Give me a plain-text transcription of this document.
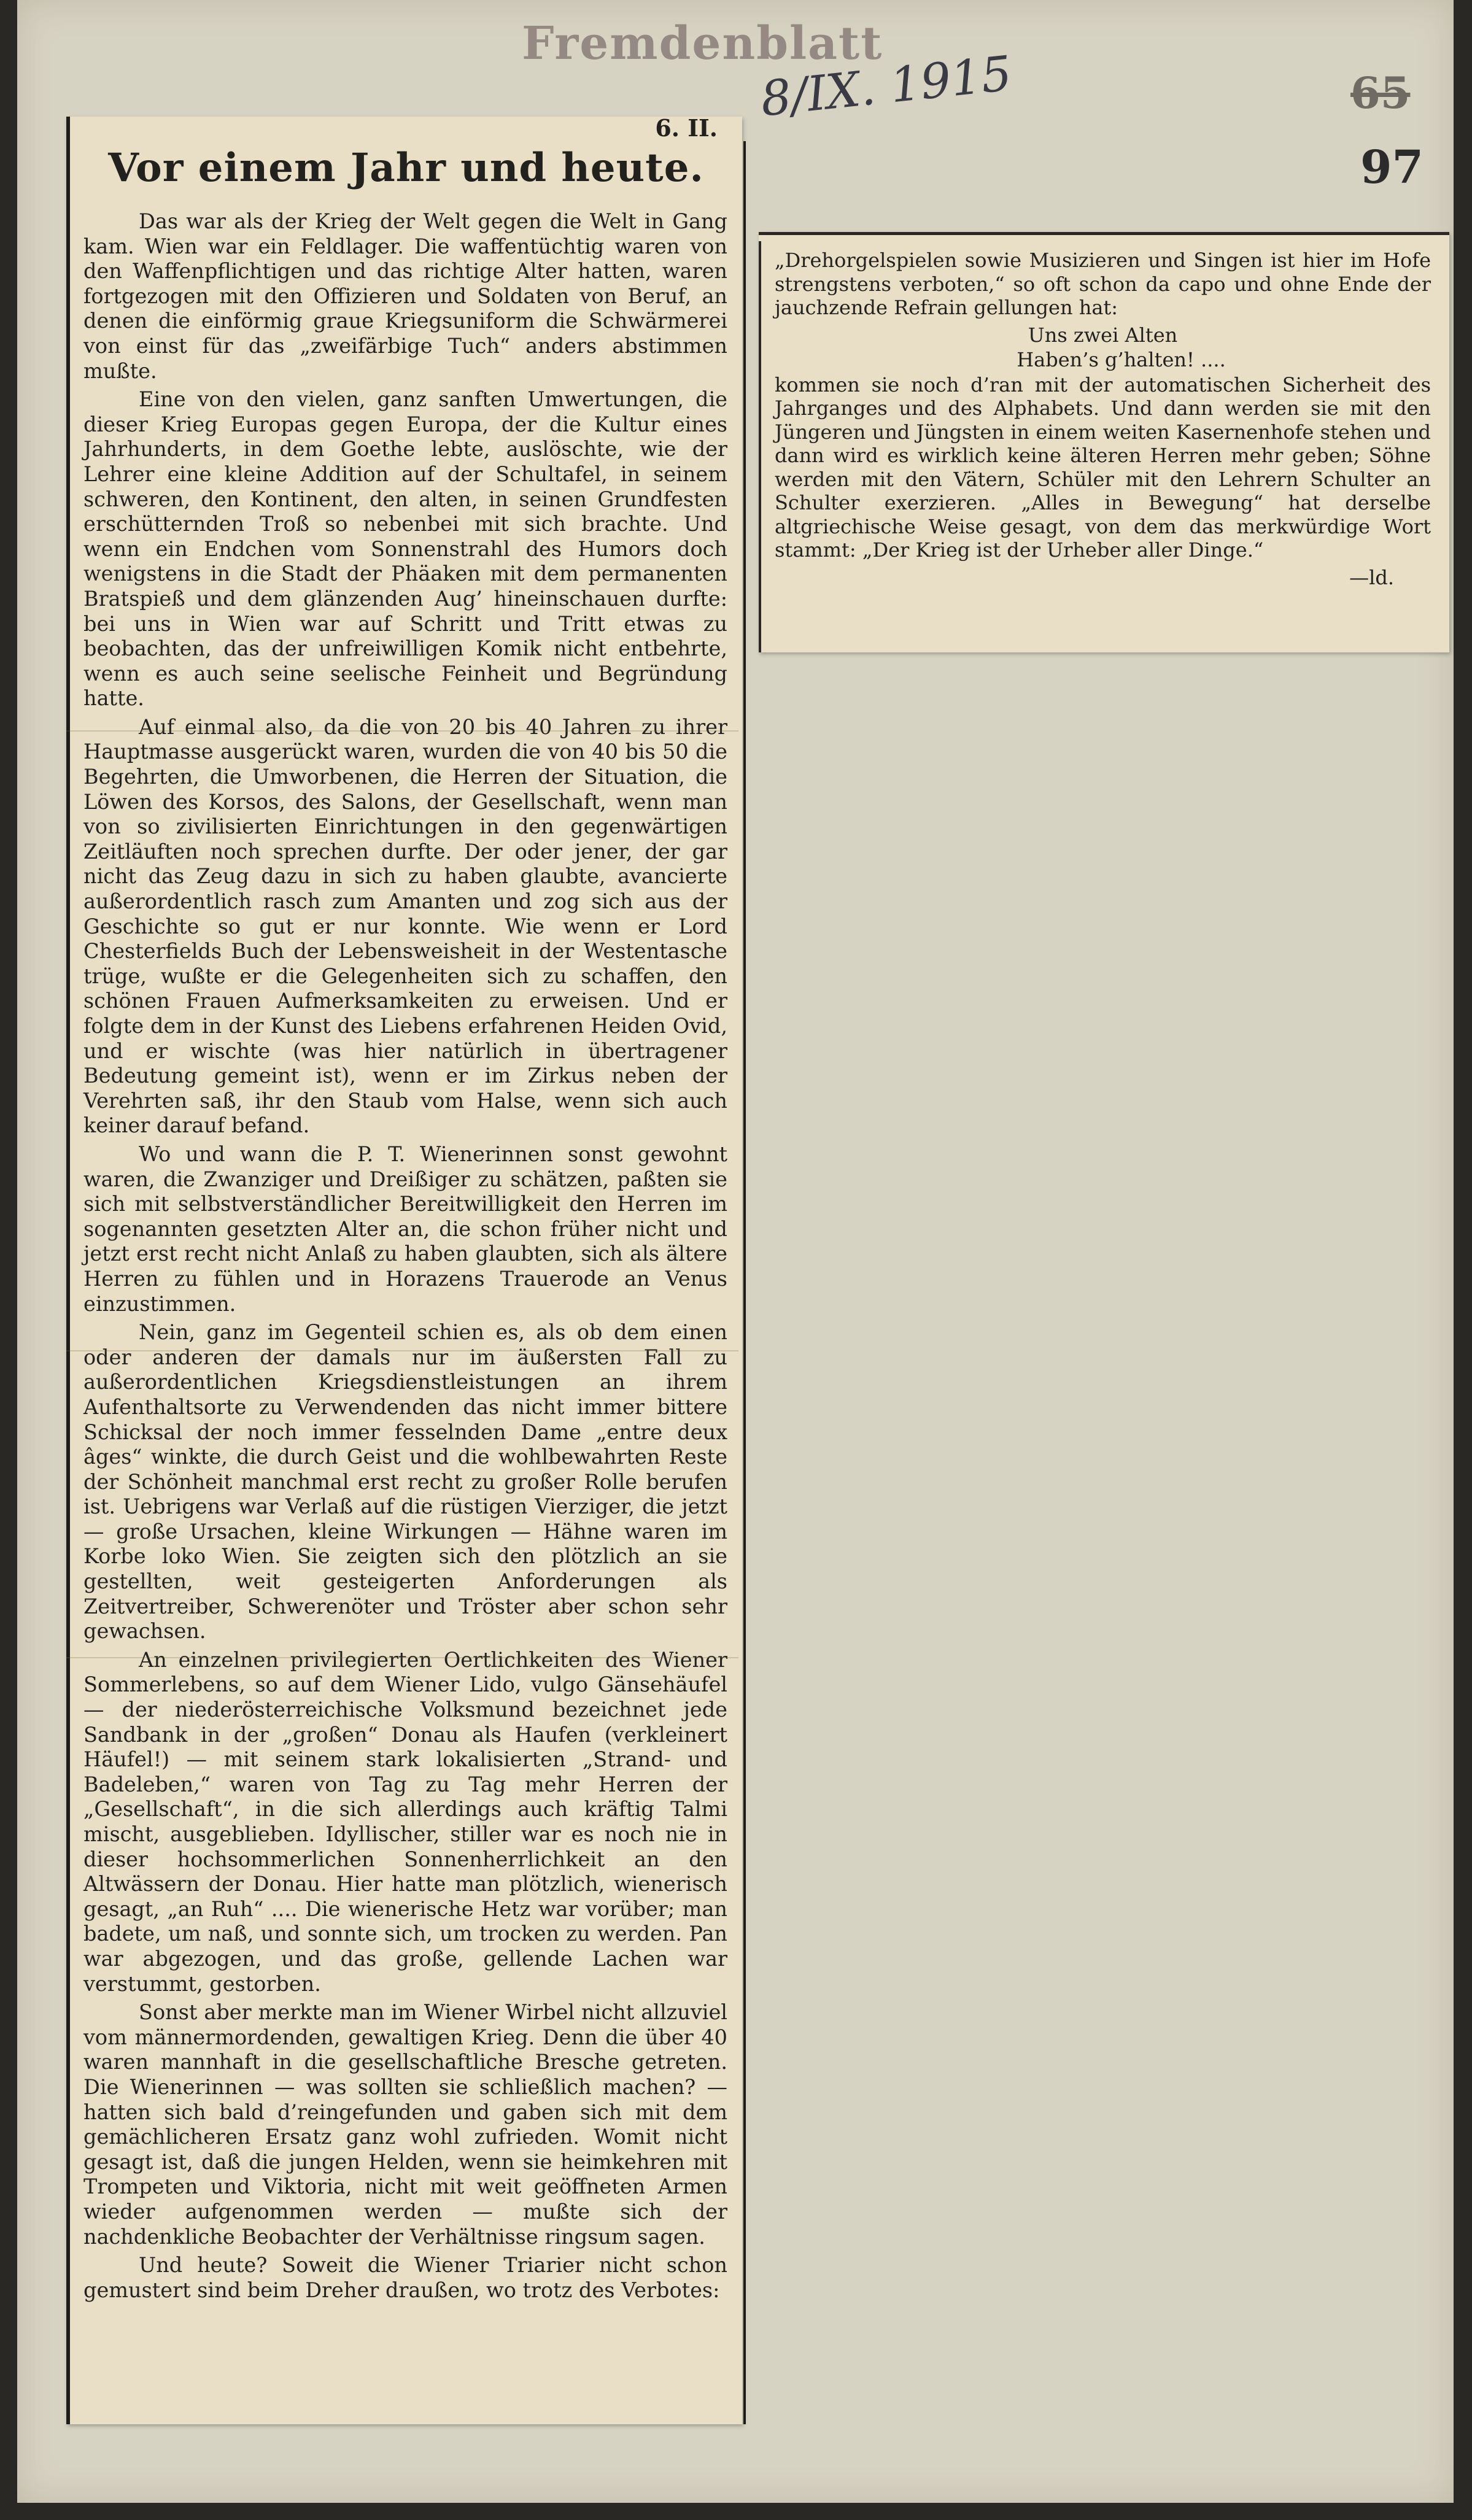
Fremdenblatt
8/IX. 1915	65
97
6. II.
Vor einem Jahr und heute.

Das war als der Krieg der Welt gegen die Welt in Gang kam. Wien war ein Feldlager. Die waffentüchtig waren von den Waffenpflichtigen und das richtige Alter hatten, waren fortgezogen mit den Offizieren und Soldaten von Beruf, an denen die einförmig graue Kriegsuniform die Schwärmerei von einst für das „zweifärbige Tuch“ anders abstimmen mußte.

Eine von den vielen, ganz sanften Umwertungen, die dieser Krieg Europas gegen Europa, der die Kultur eines Jahrhunderts, in dem Goethe lebte, auslöschte, wie der Lehrer eine kleine Addition auf der Schultafel, in seinem schweren, den Kontinent, den alten, in seinen Grundfesten erschütternden Troß so nebenbei mit sich brachte. Und wenn ein Endchen vom Sonnenstrahl des Humors doch wenigstens in die Stadt der Phäaken mit dem permanenten Bratspieß und dem glänzenden Aug’ hineinschauen durfte: bei uns in Wien war auf Schritt und Tritt etwas zu beobachten, das der unfreiwilligen Komik nicht entbehrte, wenn es auch seine seelische Feinheit und Begründung hatte.

Auf einmal also, da die von 20 bis 40 Jahren zu ihrer Hauptmasse ausgerückt waren, wurden die von 40 bis 50 die Begehrten, die Umworbenen, die Herren der Situation, die Löwen des Korsos, des Salons, der Gesellschaft, wenn man von so zivilisierten Einrichtungen in den gegenwärtigen Zeitläuften noch sprechen durfte. Der oder jener, der gar nicht das Zeug dazu in sich zu haben glaubte, avancierte außerordentlich rasch zum Amanten und zog sich aus der Geschichte so gut er nur konnte. Wie wenn er Lord Chesterfields Buch der Lebensweisheit in der Westentasche trüge, wußte er die Gelegenheiten sich zu schaffen, den schönen Frauen Aufmerksamkeiten zu erweisen. Und er folgte dem in der Kunst des Liebens erfahrenen Heiden Ovid, und er wischte (was hier natürlich in übertragener Bedeutung gemeint ist), wenn er im Zirkus neben der Verehrten saß, ihr den Staub vom Halse, wenn sich auch keiner darauf befand.

Wo und wann die P. T. Wienerinnen sonst gewohnt waren, die Zwanziger und Dreißiger zu schätzen, paßten sie sich mit selbstverständlicher Bereitwilligkeit den Herren im sogenannten gesetzten Alter an, die schon früher nicht und jetzt erst recht nicht Anlaß zu haben glaubten, sich als ältere Herren zu fühlen und in Horazens Trauerode an Venus einzustimmen.

Nein, ganz im Gegenteil schien es, als ob dem einen oder anderen der damals nur im äußersten Fall zu außerordentlichen Kriegsdienstleistungen an ihrem Aufenthaltsorte zu Verwendenden das nicht immer bittere Schicksal der noch immer fesselnden Dame „entre deux âges“ winkte, die durch Geist und die wohlbewahrten Reste der Schönheit manchmal erst recht zu großer Rolle berufen ist. Uebrigens war Verlaß auf die rüstigen Vierziger, die jetzt — große Ursachen, kleine Wirkungen — Hähne waren im Korbe loko Wien. Sie zeigten sich den plötzlich an sie gestellten, weit gesteigerten Anforderungen als Zeitvertreiber, Schwerenöter und Tröster aber schon sehr gewachsen.

An einzelnen privilegierten Oertlichkeiten des Wiener Sommerlebens, so auf dem Wiener Lido, vulgo Gänsehäufel — der niederösterreichische Volksmund bezeichnet jede Sandbank in der „großen“ Donau als Haufen (verkleinert Häufel!) — mit seinem stark lokalisierten „Strand- und Badeleben,“ waren von Tag zu Tag mehr Herren der „Gesellschaft“, in die sich allerdings auch kräftig Talmi mischt, ausgeblieben. Idyllischer, stiller war es noch nie in dieser hochsommerlichen Sonnenherrlichkeit an den Altwässern der Donau. Hier hatte man plötzlich, wienerisch gesagt, „an Ruh“ .... Die wienerische Hetz war vorüber; man badete, um naß, und sonnte sich, um trocken zu werden. Pan war abgezogen, und das große, gellende Lachen war verstummt, gestorben.

Sonst aber merkte man im Wiener Wirbel nicht allzuviel vom männermordenden, gewaltigen Krieg. Denn die über 40 waren mannhaft in die gesellschaftliche Bresche getreten. Die Wienerinnen — was sollten sie schließlich machen? — hatten sich bald d’reingefunden und gaben sich mit dem gemächlicheren Ersatz ganz wohl zufrieden. Womit nicht gesagt ist, daß die jungen Helden, wenn sie heimkehren mit Trompeten und Viktoria, nicht mit weit geöffneten Armen wieder aufgenommen werden — mußte sich der nachdenkliche Beobachter der Verhältnisse ringsum sagen.

Und heute? Soweit die Wiener Triarier nicht schon gemustert sind beim Dreher draußen, wo trotz des Verbotes:

„Drehorgelspielen sowie Musizieren und Singen ist hier im Hofe strengstens verboten,“ so oft schon da capo und ohne Ende der jauchzende Refrain gellungen hat:

Uns zwei Alten

Haben’s g’halten! ....

kommen sie noch d’ran mit der automatischen Sicherheit des Jahrganges und des Alphabets. Und dann werden sie mit den Jüngeren und Jüngsten in einem weiten Kasernenhofe stehen und dann wird es wirklich keine älteren Herren mehr geben; Söhne werden mit den Vätern, Schüler mit den Lehrern Schulter an Schulter exerzieren. „Alles in Bewegung“ hat derselbe altgriechische Weise gesagt, von dem das merkwürdige Wort stammt: „Der Krieg ist der Urheber aller Dinge.“

—ld.
